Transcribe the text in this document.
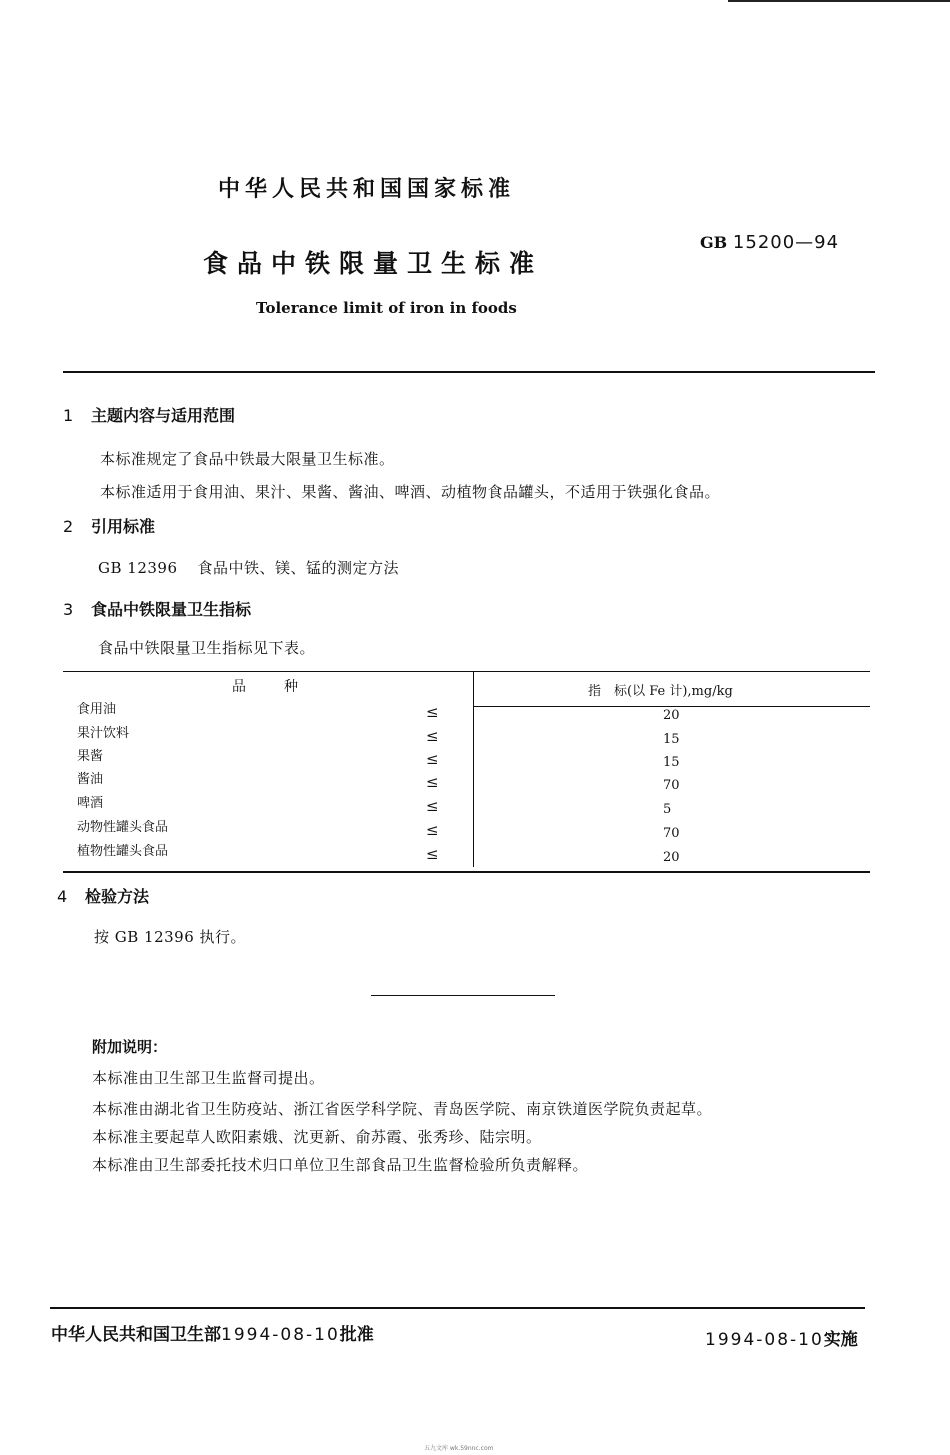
中华人民共和国国家标准
食品中铁限量卫生标准
GB 15200—94
Tolerance limit of iron in foods
1 主题内容与适用范围
本标准规定了食品中铁最大限量卫生标准。
本标准适用于食用油、果汁、果酱、酱油、啤酒、动植物食品罐头，不适用于铁强化食品。
2 引用标准
GB 12396 食品中铁、镁、锰的测定方法
3 食品中铁限量卫生指标
食品中铁限量卫生指标见下表。
品种	指　标(以 Fe 计),mg/kg
食用油	≤	20
果汁饮料	≤	15
果酱	≤	15
酱油	≤	70
啤酒	≤	5
动物性罐头食品	≤	70
植物性罐头食品	≤	20
4 检验方法
按 GB 12396 执行。
附加说明：
本标准由卫生部卫生监督司提出。
本标准由湖北省卫生防疫站、浙江省医学科学院、青岛医学院、南京铁道医学院负责起草。
本标准主要起草人欧阳素娥、沈更新、俞苏霞、张秀珍、陆宗明。
本标准由卫生部委托技术归口单位卫生部食品卫生监督检验所负责解释。
中华人民共和国卫生部1994-08-10批准	1994-08-10实施
五九文库 wk.59nnc.com
